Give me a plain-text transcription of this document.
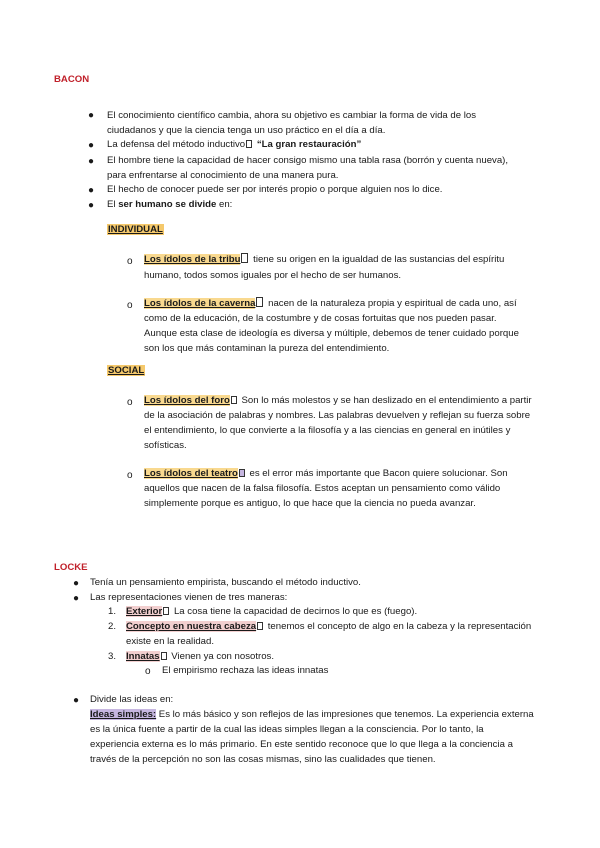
BACON
●	El conocimiento científico cambia, ahora su objetivo es cambiar la forma de vida de los
ciudadanos y que la ciencia tenga un uso práctico en el día a día.
●	La defensa del método inductivo “La gran restauración”
●	El hombre tiene la capacidad de hacer consigo mismo una tabla rasa (borrón y cuenta nueva),
para enfrentarse al conocimiento de una manera pura.
●	El hecho de conocer puede ser por interés propio o porque alguien nos lo dice.
●	El ser humano se divide en:
INDIVIDUAL
o	Los ídolos de la tribu tiene su origen en la igualdad de las sustancias del espíritu
humano, todos somos iguales por el hecho de ser humanos.
o	Los ídolos de la caverna nacen de la naturaleza propia y espiritual de cada uno, así
como de la educación, de la costumbre y de cosas fortuitas que nos pueden pasar.
Aunque esta clase de ideología es diversa y múltiple, debemos de tener cuidado porque
son los que más contaminan la pureza del entendimiento.
SOCIAL
o	Los ídolos del foro Son lo más molestos y se han deslizado en el entendimiento a partir
de la asociación de palabras y nombres. Las palabras devuelven y reflejan su fuerza sobre
el entendimiento, lo que convierte a la filosofía y a las ciencias en general en inútiles y
sofísticas.
o	Los ídolos del teatro es el error más importante que Bacon quiere solucionar. Son
aquellos que nacen de la falsa filosofía. Estos aceptan un pensamiento como válido
simplemente porque es antiguo, lo que hace que la ciencia no pueda avanzar.
LOCKE
●	Tenía un pensamiento empirista, buscando el método inductivo.
●	Las representaciones vienen de tres maneras:
1. Exterior La cosa tiene la capacidad de decirnos lo que es (fuego).
2. Concepto en nuestra cabeza tenemos el concepto de algo en la cabeza y la representación
existe en la realidad.
3. Innatas Vienen ya con nosotros.
o	El empirismo rechaza las ideas innatas
●	Divide las ideas en:
Ideas simples: Es lo más básico y son reflejos de las impresiones que tenemos. La experiencia externa
es la única fuente a partir de la cual las ideas simples llegan a la consciencia. Por lo tanto, la
experiencia externa es lo más primario. En este sentido reconoce que lo que llega a la conciencia a
través de la percepción no son las cosas mismas, sino las cualidades que tienen.
